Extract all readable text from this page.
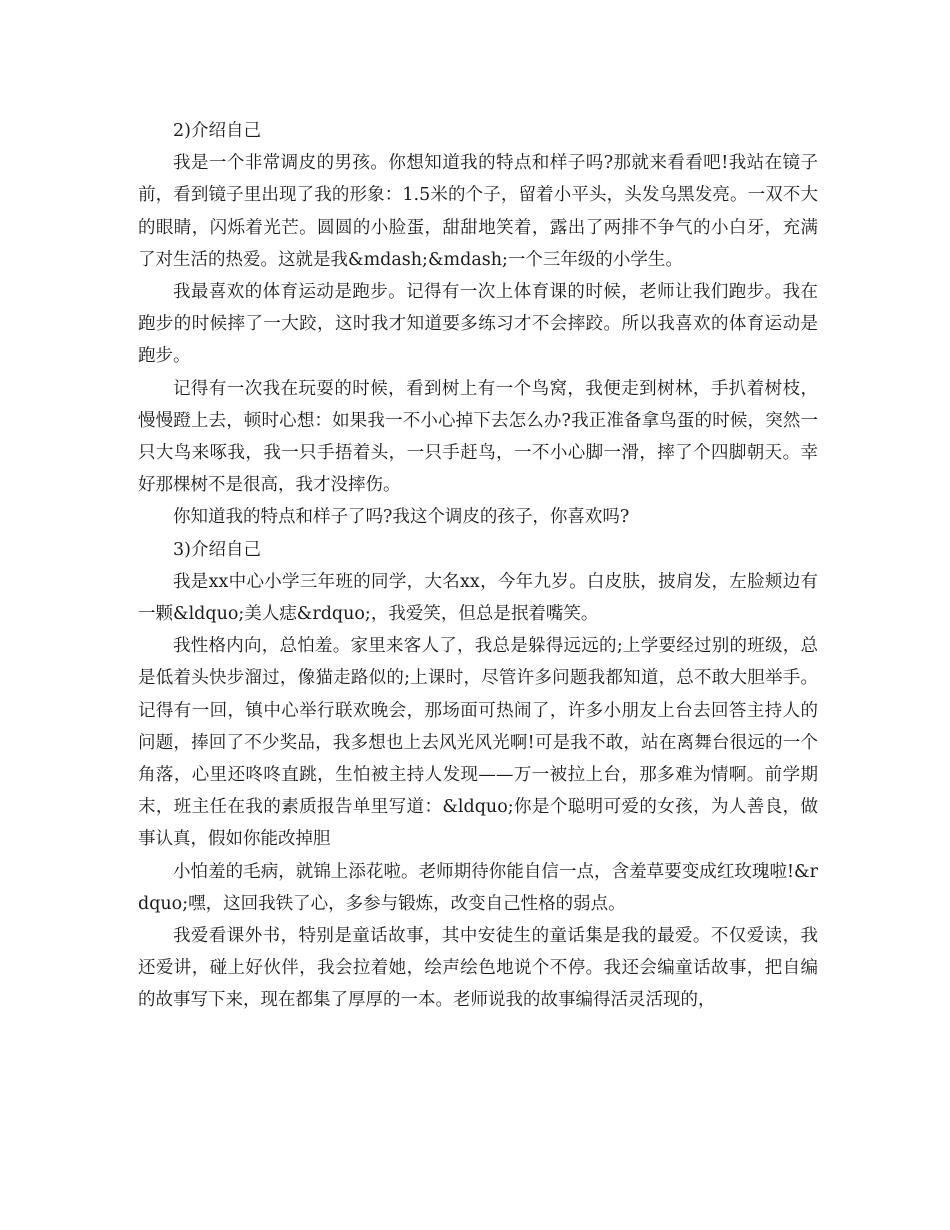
2)介绍自己

我是一个非常调皮的男孩。你想知道我的特点和样子吗?那就来看看吧!我站在镜子前，看到镜子里出现了我的形象：1.5米的个子，留着小平头，头发乌黑发亮。一双不大的眼睛，闪烁着光芒。圆圆的小脸蛋，甜甜地笑着，露出了两排不争气的小白牙，充满了对生活的热爱。这就是我&mdash;&mdash;一个三年级的小学生。

我最喜欢的体育运动是跑步。记得有一次上体育课的时候，老师让我们跑步。我在跑步的时候摔了一大跤，这时我才知道要多练习才不会摔跤。所以我喜欢的体育运动是跑步。

记得有一次我在玩耍的时候，看到树上有一个鸟窝，我便走到树林，手扒着树枝，慢慢蹬上去，顿时心想：如果我一不小心掉下去怎么办?我正准备拿鸟蛋的时候，突然一只大鸟来啄我，我一只手捂着头，一只手赶鸟，一不小心脚一滑，摔了个四脚朝天。幸好那棵树不是很高，我才没摔伤。

你知道我的特点和样子了吗?我这个调皮的孩子，你喜欢吗?

3)介绍自己

我是xx中心小学三年班的同学，大名xx，今年九岁。白皮肤，披肩发，左脸颊边有一颗&ldquo;美人痣&rdquo;，我爱笑，但总是抿着嘴笑。

我性格内向，总怕羞。家里来客人了，我总是躲得远远的;上学要经过别的班级，总是低着头快步溜过，像猫走路似的;上课时，尽管许多问题我都知道，总不敢大胆举手。记得有一回，镇中心举行联欢晚会，那场面可热闹了，许多小朋友上台去回答主持人的问题，捧回了不少奖品，我多想也上去风光风光啊!可是我不敢，站在离舞台很远的一个角落，心里还咚咚直跳，生怕被主持人发现——万一被拉上台，那多难为情啊。前学期末，班主任在我的素质报告单里写道：&ldquo;你是个聪明可爱的女孩，为人善良，做事认真，假如你能改掉胆

小怕羞的毛病，就锦上添花啦。老师期待你能自信一点，含羞草要变成红玫瑰啦!&rdquo;嘿，这回我铁了心，多参与锻炼，改变自己性格的弱点。

我爱看课外书，特别是童话故事，其中安徒生的童话集是我的最爱。不仅爱读，我还爱讲，碰上好伙伴，我会拉着她，绘声绘色地说个不停。我还会编童话故事，把自编的故事写下来，现在都集了厚厚的一本。老师说我的故事编得活灵活现的，
